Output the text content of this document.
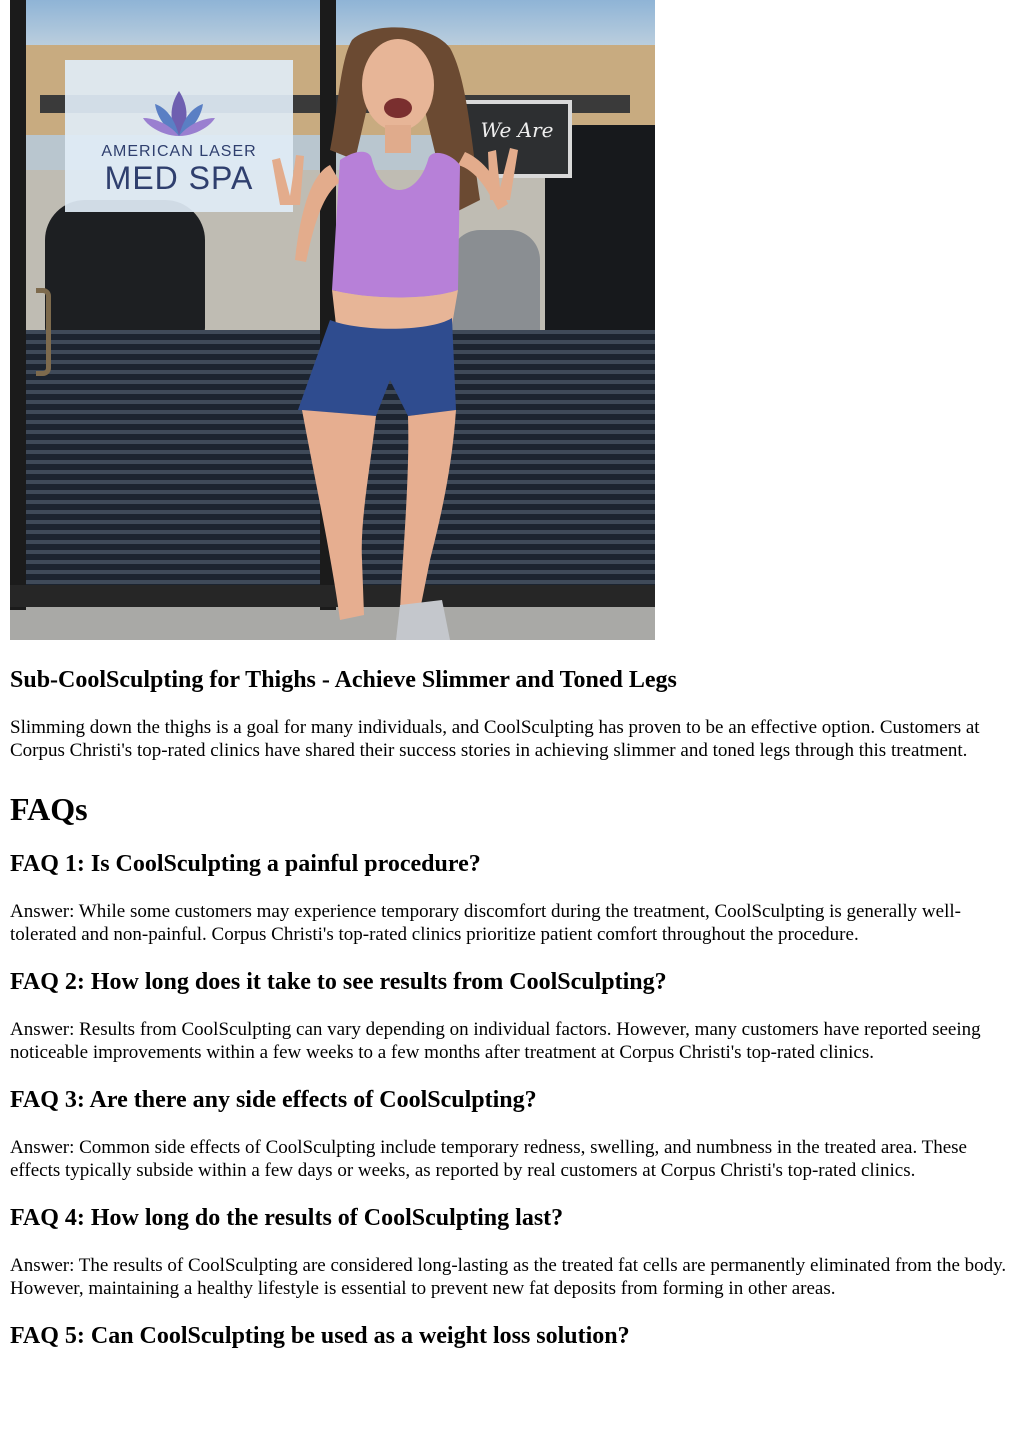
AMERICAN LASER
MED SPA
We Are
Sub-CoolSculpting for Thighs - Achieve Slimmer and Toned Legs

Slimming down the thighs is a goal for many individuals, and CoolSculpting has proven to be an effective option. Customers at Corpus Christi's top-rated clinics have shared their success stories in achieving slimmer and toned legs through this treatment.

FAQs
FAQ 1: Is CoolSculpting a painful procedure?

Answer: While some customers may experience temporary discomfort during the treatment, CoolSculpting is generally well-tolerated and non-painful. Corpus Christi's top-rated clinics prioritize patient comfort throughout the procedure.

FAQ 2: How long does it take to see results from CoolSculpting?

Answer: Results from CoolSculpting can vary depending on individual factors. However, many customers have reported seeing noticeable improvements within a few weeks to a few months after treatment at Corpus Christi's top-rated clinics.

FAQ 3: Are there any side effects of CoolSculpting?

Answer: Common side effects of CoolSculpting include temporary redness, swelling, and numbness in the treated area. These effects typically subside within a few days or weeks, as reported by real customers at Corpus Christi's top-rated clinics.

FAQ 4: How long do the results of CoolSculpting last?

Answer: The results of CoolSculpting are considered long-lasting as the treated fat cells are permanently eliminated from the body. However, maintaining a healthy lifestyle is essential to prevent new fat deposits from forming in other areas.

FAQ 5: Can CoolSculpting be used as a weight loss solution?
